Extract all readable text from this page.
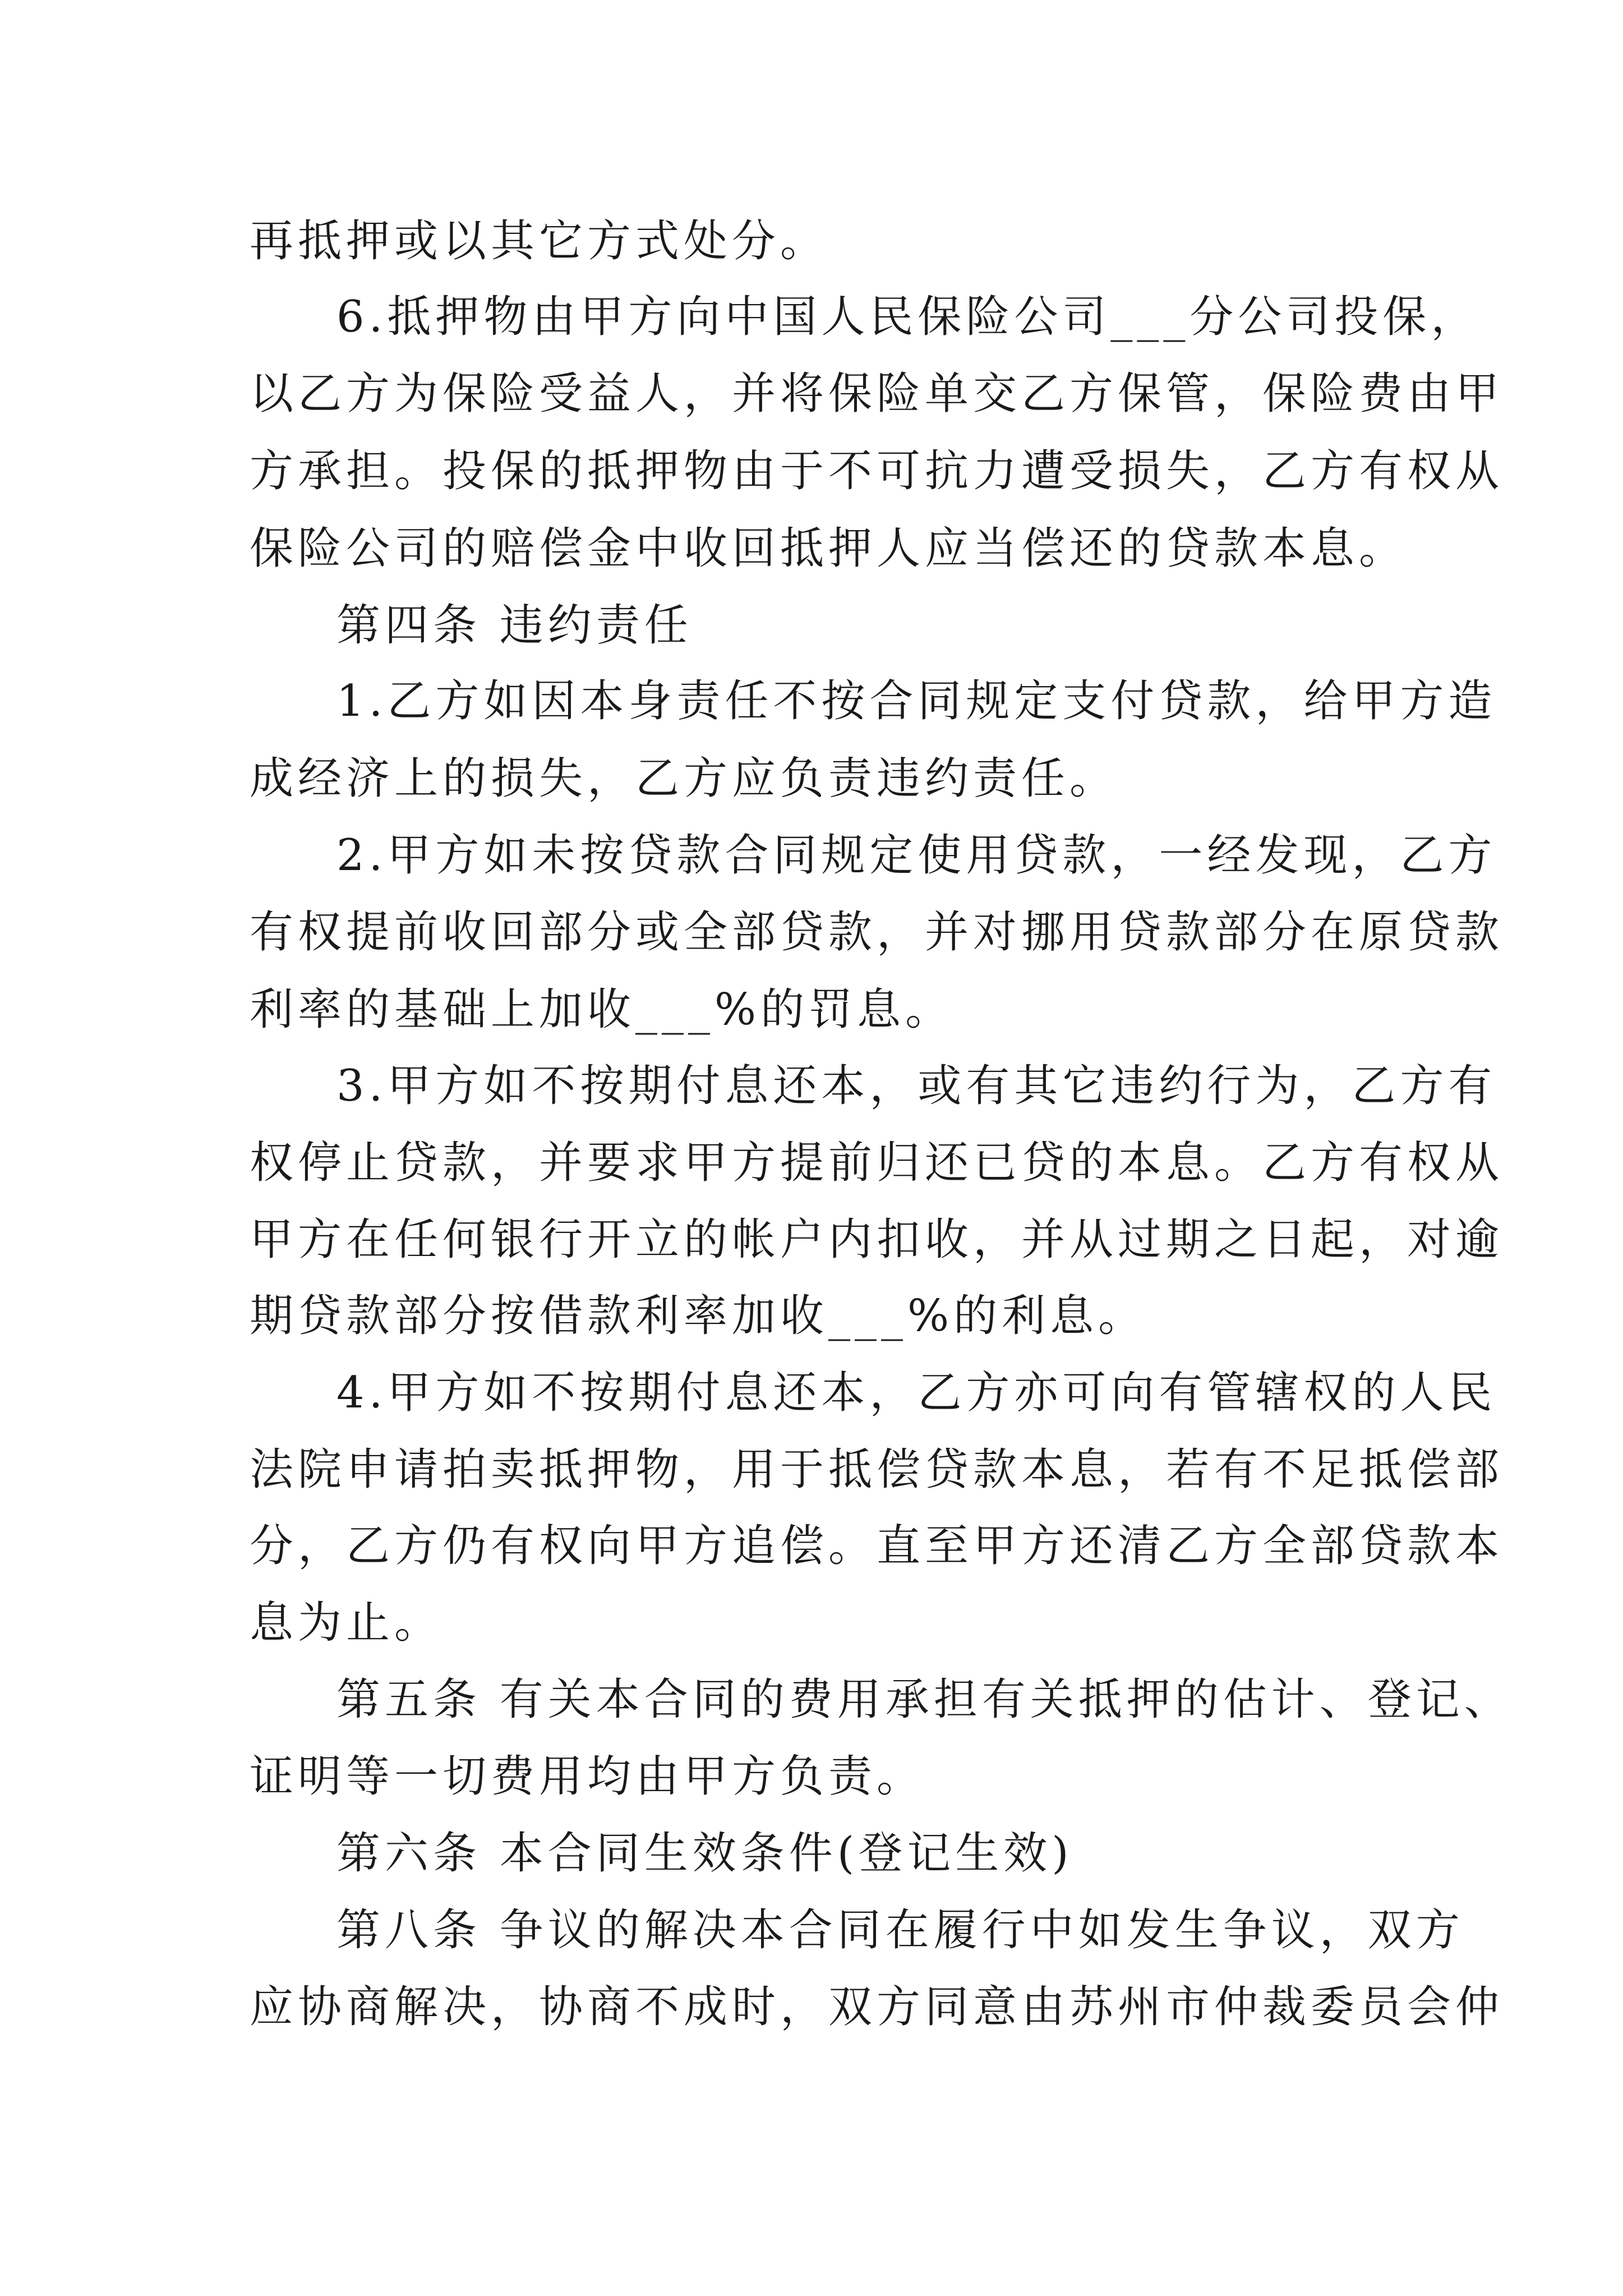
再抵押或以其它方式处分。
6.抵押物由甲方向中国人民保险公司___分公司投保，
以乙方为保险受益人，并将保险单交乙方保管，保险费由甲
方承担。投保的抵押物由于不可抗力遭受损失，乙方有权从
保险公司的赔偿金中收回抵押人应当偿还的贷款本息。
第四条 违约责任
1.乙方如因本身责任不按合同规定支付贷款，给甲方造
成经济上的损失，乙方应负责违约责任。
2.甲方如未按贷款合同规定使用贷款，一经发现，乙方
有权提前收回部分或全部贷款，并对挪用贷款部分在原贷款
利率的基础上加收___%的罚息。
3.甲方如不按期付息还本，或有其它违约行为，乙方有
权停止贷款，并要求甲方提前归还已贷的本息。乙方有权从
甲方在任何银行开立的帐户内扣收，并从过期之日起，对逾
期贷款部分按借款利率加收___%的利息。
4.甲方如不按期付息还本，乙方亦可向有管辖权的人民
法院申请拍卖抵押物，用于抵偿贷款本息，若有不足抵偿部
分，乙方仍有权向甲方追偿。直至甲方还清乙方全部贷款本
息为止。
第五条 有关本合同的费用承担有关抵押的估计、登记、
证明等一切费用均由甲方负责。
第六条 本合同生效条件(登记生效)
第八条 争议的解决本合同在履行中如发生争议，双方
应协商解决，协商不成时，双方同意由苏州市仲裁委员会仲
